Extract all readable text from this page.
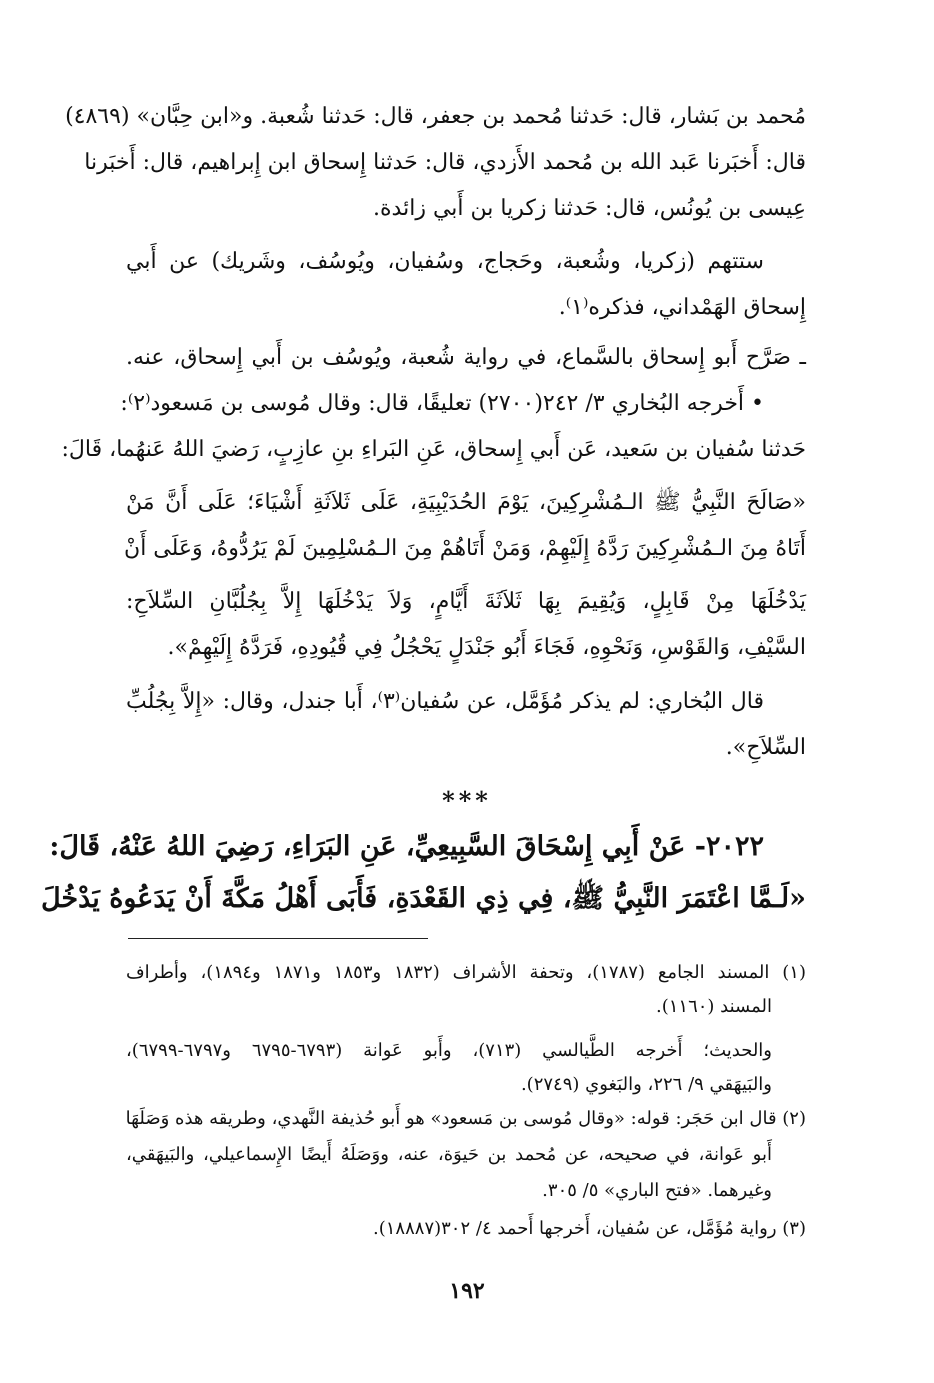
مُحمد بن بَشار، قال: حَدثنا مُحمد بن جعفر، قال: حَدثنا شُعبة. و«ابن حِبَّان» (٤٨٦٩)
قال: أَخبَرنا عَبد الله بن مُحمد الأَزدي، قال: حَدثنا إِسحاق ابن إِبراهيم، قال: أَخبَرنا
عِيسى بن يُونُس، قال: حَدثنا زكريا بن أَبي زائدة.
ستتهم (زكريا، وشُعبة، وحَجاج، وسُفيان، ويُوسُف، وشَريك) عن أَبي
إِسحاق الهَمْداني، فذكره⁽١⁾.
ـ صَرَّح أَبو إِسحاق بالسَّماع، في رواية شُعبة، ويُوسُف بن أَبي إِسحاق، عنه.
• أَخرجه البُخاري ٣/ ٢٤٢(٢٧٠٠) تعليقًا، قال: وقال مُوسى بن مَسعود⁽٢⁾:
حَدثنا سُفيان بن سَعيد، عَن أَبي إِسحاق، عَنِ البَراءِ بنِ عازِبٍ، رَضيَ اللهُ عَنهُما، قَالَ:
«صَالَحَ النَّبِيُّ ﷺ الـمُشْرِكِينَ، يَوْمَ الحُدَيْبِيَةِ، عَلَى ثَلاَثَةِ أَشْيَاءَ؛ عَلَى أَنَّ مَنْ
أَتَاهُ مِنَ الـمُشْرِكِينَ رَدَّهُ إِلَيْهِمْ، وَمَنْ أَتَاهُمْ مِنَ الـمُسْلِمِينَ لَمْ يَرُدُّوهُ، وَعَلَى أَنْ
يَدْخُلَهَا مِنْ قَابِلٍ، وَيُقِيمَ بِهَا ثَلاَثَةَ أَيَّامٍ، وَلاَ يَدْخُلَهَا إِلاَّ بِجُلُبَّانِ السِّلاَحِ:
السَّيْفِ، وَالقَوْسِ، وَنَحْوِهِ، فَجَاءَ أَبُو جَنْدَلٍ يَحْجُلُ فِي قُيُودِهِ، فَرَدَّهُ إِلَيْهِمْ».
قال البُخاري: لم يذكر مُؤَمَّل، عن سُفيان⁽٣⁾، أَبا جندل، وقال: «إِلاَّ بِجُلُبِّ
السِّلاَحِ».
***
٢٠٢٢- عَنْ أَبِي إِسْحَاقَ السَّبِيعِيِّ، عَنِ البَرَاءِ، رَضِيَ اللهُ عَنْهُ، قَالَ:
«لَـمَّا اعْتَمَرَ النَّبِيُّ ﷺ، فِي ذِي القَعْدَةِ، فَأَبَى أَهْلُ مَكَّةَ أَنْ يَدَعُوهُ يَدْخُلَ
(١) المسند الجامع (١٧٨٧)، وتحفة الأشراف (١٨٣٢ و١٨٥٣ و١٨٧١ و١٨٩٤)، وأطراف
المسند (١١٦٠).
والحديث؛ أَخرجه الطَّيالسي (٧١٣)، وأَبو عَوانة (٦٧٩٣-٦٧٩٥ و٦٧٩٧-٦٧٩٩)،
والبَيهَقي ٩/ ٢٢٦، والبَغوي (٢٧٤٩).
(٢) قال ابن حَجَر: قوله: «وقال مُوسى بن مَسعود» هو أَبو حُذيفة النَّهدي، وطريقه هذه وَصَلَهَا
أَبو عَوانة، في صحيحه، عن مُحمد بن حَيوَة، عنه، ووَصَلَهُ أَيضًا الإِسماعيلي، والبَيهَقي،
وغيرهما. «فتح الباري» ٥/ ٣٠٥.
(٣) رواية مُؤَمَّل، عن سُفيان، أَخرجها أَحمد ٤/ ٣٠٢(١٨٨٨٧).
١٩٢
